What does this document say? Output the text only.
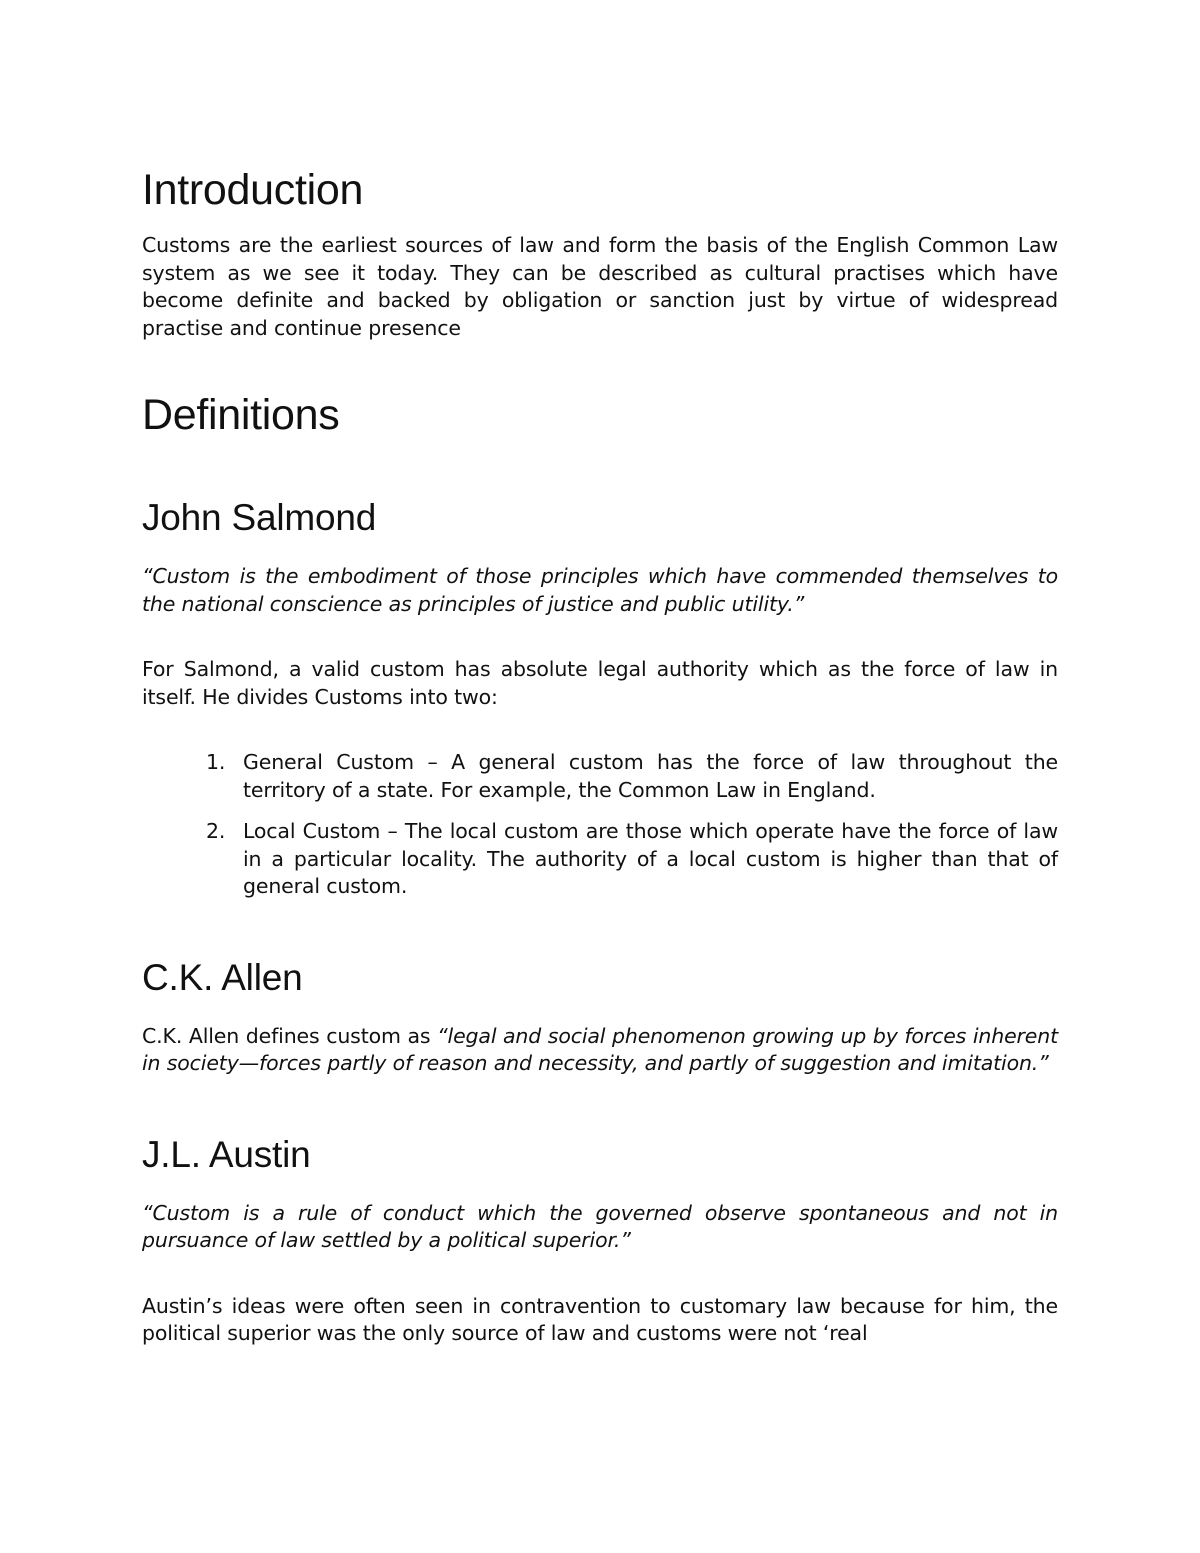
Introduction

Customs are the earliest sources of law and form the basis of the English Common Law system as we see it today. They can be described as cultural practises which have become definite and backed by obligation or sanction just by virtue of widespread practise and continue presence

Definitions
John Salmond

“Custom is the embodiment of those principles which have commended themselves to the national conscience as principles of justice and public utility.”

For Salmond, a valid custom has absolute legal authority which as the force of law in itself. He divides Customs into two:

1. General Custom – A general custom has the force of law throughout the territory of a state. For example, the Common Law in England.
2. Local Custom – The local custom are those which operate have the force of law in a particular locality. The authority of a local custom is higher than that of general custom.
C.K. Allen

C.K. Allen defines custom as “legal and social phenomenon growing up by forces inherent in society—forces partly of reason and necessity, and partly of suggestion and imitation.”

J.L. Austin

“Custom is a rule of conduct which the governed observe spontaneous and not in pursuance of law settled by a political superior.”

Austin’s ideas were often seen in contravention to customary law because for him, the political superior was the only source of law and customs were not ‘real
